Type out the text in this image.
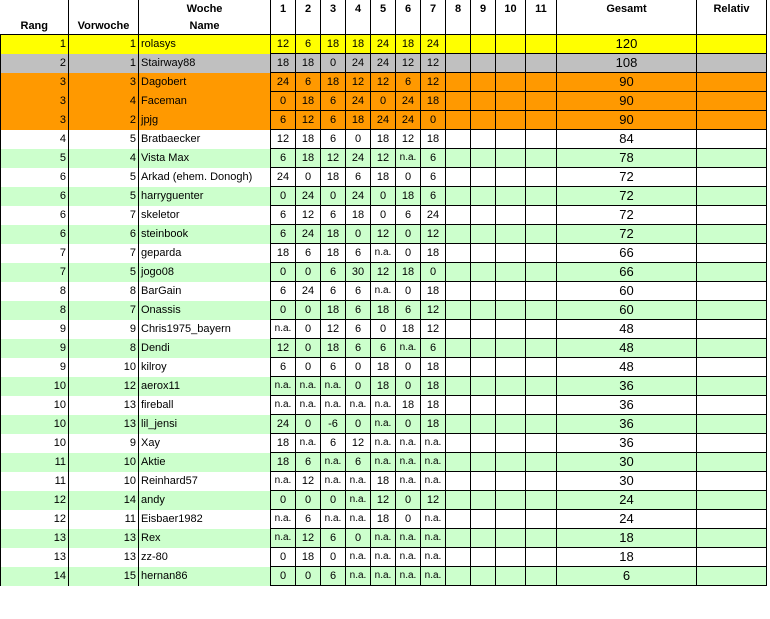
		Woche	1	2	3	4	5	6	7	8	9	10	11	Gesamt	Relativ
Rang	Vorwoche	Name													
1	1	rolasys	12	6	18	18	24	18	24					120	
2	1	Stairway88	18	18	0	24	24	12	12					108	
3	3	Dagobert	24	6	18	12	12	6	12					90	
3	4	Faceman	0	18	6	24	0	24	18					90	
3	2	jpjg	6	12	6	18	24	24	0					90	
4	5	Bratbaecker	12	18	6	0	18	12	18					84	
5	4	Vista Max	6	18	12	24	12	n.a.	6					78	
6	5	Arkad (ehem. Donogh)	24	0	18	6	18	0	6					72	
6	5	harryguenter	0	24	0	24	0	18	6					72	
6	7	skeletor	6	12	6	18	0	6	24					72	
6	6	steinbook	6	24	18	0	12	0	12					72	
7	7	geparda	18	6	18	6	n.a.	0	18					66	
7	5	jogo08	0	0	6	30	12	18	0					66	
8	8	BarGain	6	24	6	6	n.a.	0	18					60	
8	7	Onassis	0	0	18	6	18	6	12					60	
9	9	Chris1975_bayern	n.a.	0	12	6	0	18	12					48	
9	8	Dendi	12	0	18	6	6	n.a.	6					48	
9	10	kilroy	6	0	6	0	18	0	18					48	
10	12	aerox11	n.a.	n.a.	n.a.	0	18	0	18					36	
10	13	fireball	n.a.	n.a.	n.a.	n.a.	n.a.	18	18					36	
10	13	lil_jensi	24	0	-6	0	n.a.	0	18					36	
10	9	Xay	18	n.a.	6	12	n.a.	n.a.	n.a.					36	
11	10	Aktie	18	6	n.a.	6	n.a.	n.a.	n.a.					30	
11	10	Reinhard57	n.a.	12	n.a.	n.a.	18	n.a.	n.a.					30	
12	14	andy	0	0	0	n.a.	12	0	12					24	
12	11	Eisbaer1982	n.a.	6	n.a.	n.a.	18	0	n.a.					24	
13	13	Rex	n.a.	12	6	0	n.a.	n.a.	n.a.					18	
13	13	zz-80	0	18	0	n.a.	n.a.	n.a.	n.a.					18	
14	15	hernan86	0	0	6	n.a.	n.a.	n.a.	n.a.					6	
